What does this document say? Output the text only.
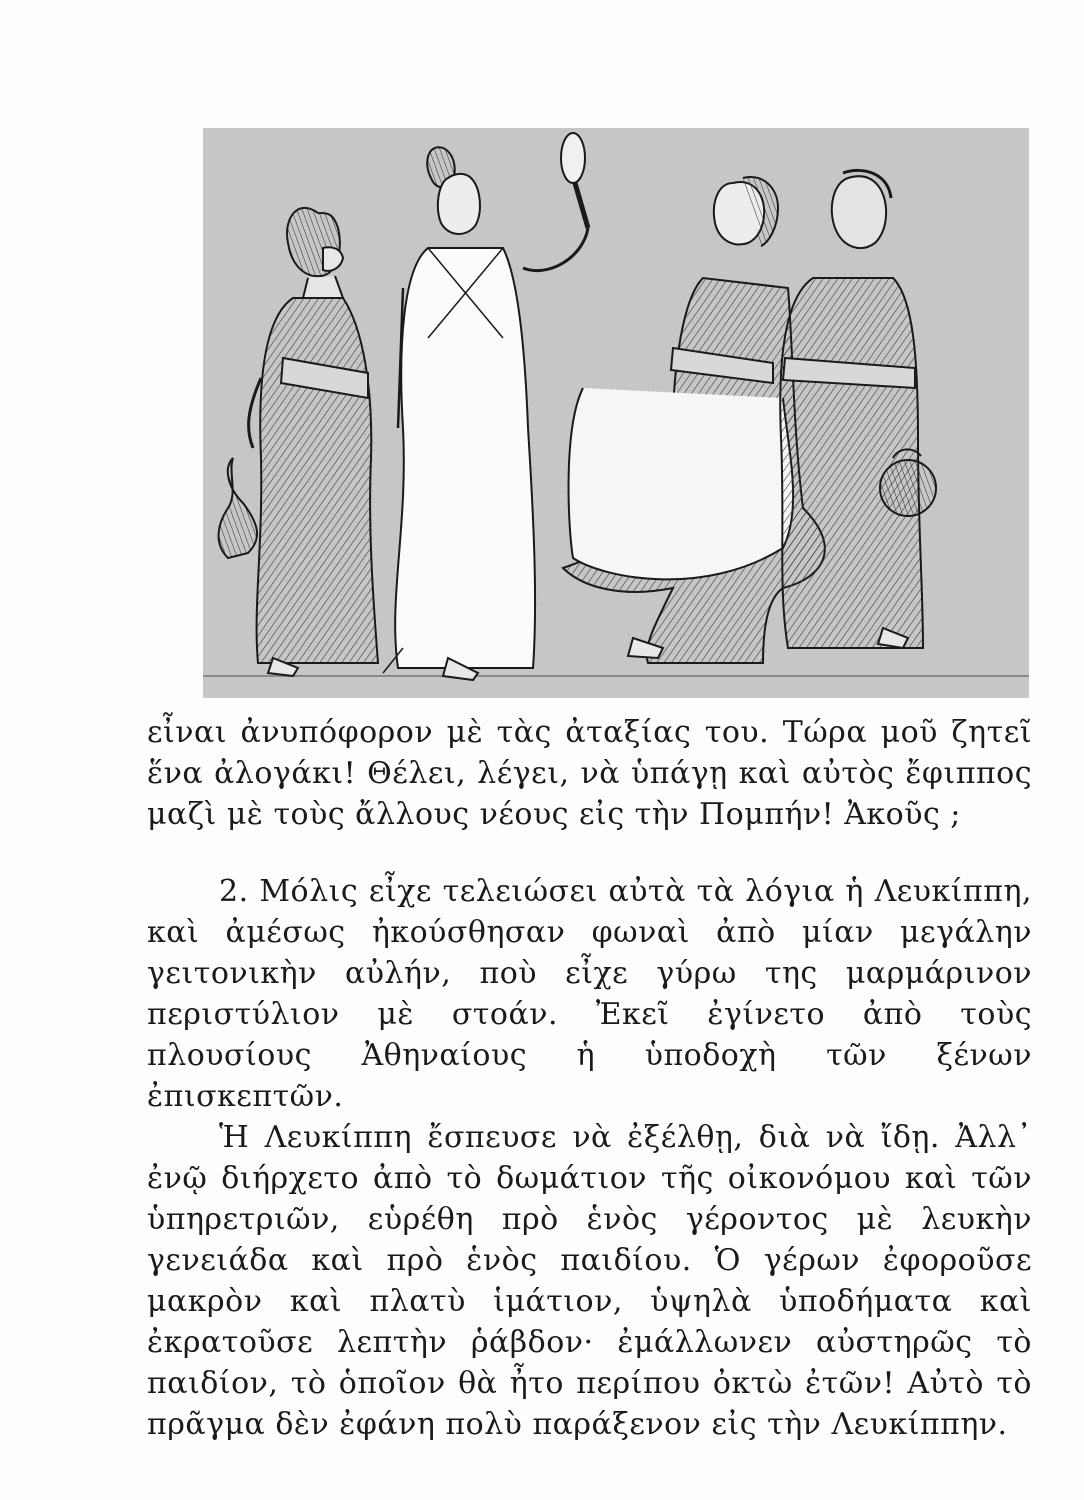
εἶναι ἀνυπόφορον μὲ τὰς ἀταξίας του. Τώρα μοῦ ζητεῖ ἕνα ἀλογάκι! Θέλει, λέγει, νὰ ὑπάγῃ καὶ αὐτὸς ἔφιππος μαζὶ μὲ τοὺς ἄλλους νέους εἰς τὴν Πομπήν! Ἀκοῦς ;

2. Μόλις εἶχε τελειώσει αὐτὰ τὰ λόγια ἡ Λευκίππη, καὶ ἀμέσως ἠκούσθησαν φωναὶ ἀπὸ μίαν μεγάλην γειτονικὴν αὐλήν, ποὺ εἶχε γύρω της μαρμάρινον περιστύλιον μὲ στοάν. Ἐκεῖ ἐγίνετο ἀπὸ τοὺς πλουσίους Ἀθηναίους ἡ ὑποδοχὴ τῶν ξένων ἐπισκεπτῶν.

Ἡ Λευκίππη ἔσπευσε νὰ ἐξέλθῃ, διὰ νὰ ἴδῃ. Ἀλλ᾽ ἐνῷ διήρχετο ἀπὸ τὸ δωμάτιον τῆς οἰκονόμου καὶ τῶν ὑπηρετριῶν, εὑρέθη πρὸ ἑνὸς γέροντος μὲ λευκὴν γενειάδα καὶ πρὸ ἑνὸς παιδίου. Ὁ γέρων ἐφοροῦσε μακρὸν καὶ πλατὺ ἱμάτιον, ὑψηλὰ ὑποδήματα καὶ ἐκρατοῦσε λεπτὴν ῥάβδον· ἐμάλλωνεν αὐστηρῶς τὸ παιδίον, τὸ ὁποῖον θὰ ἦτο περίπου ὀκτὼ ἐτῶν! Αὐτὸ τὸ πρᾶγμα δὲν ἐφάνη πολὺ παράξενον εἰς τὴν Λευκίππην.
